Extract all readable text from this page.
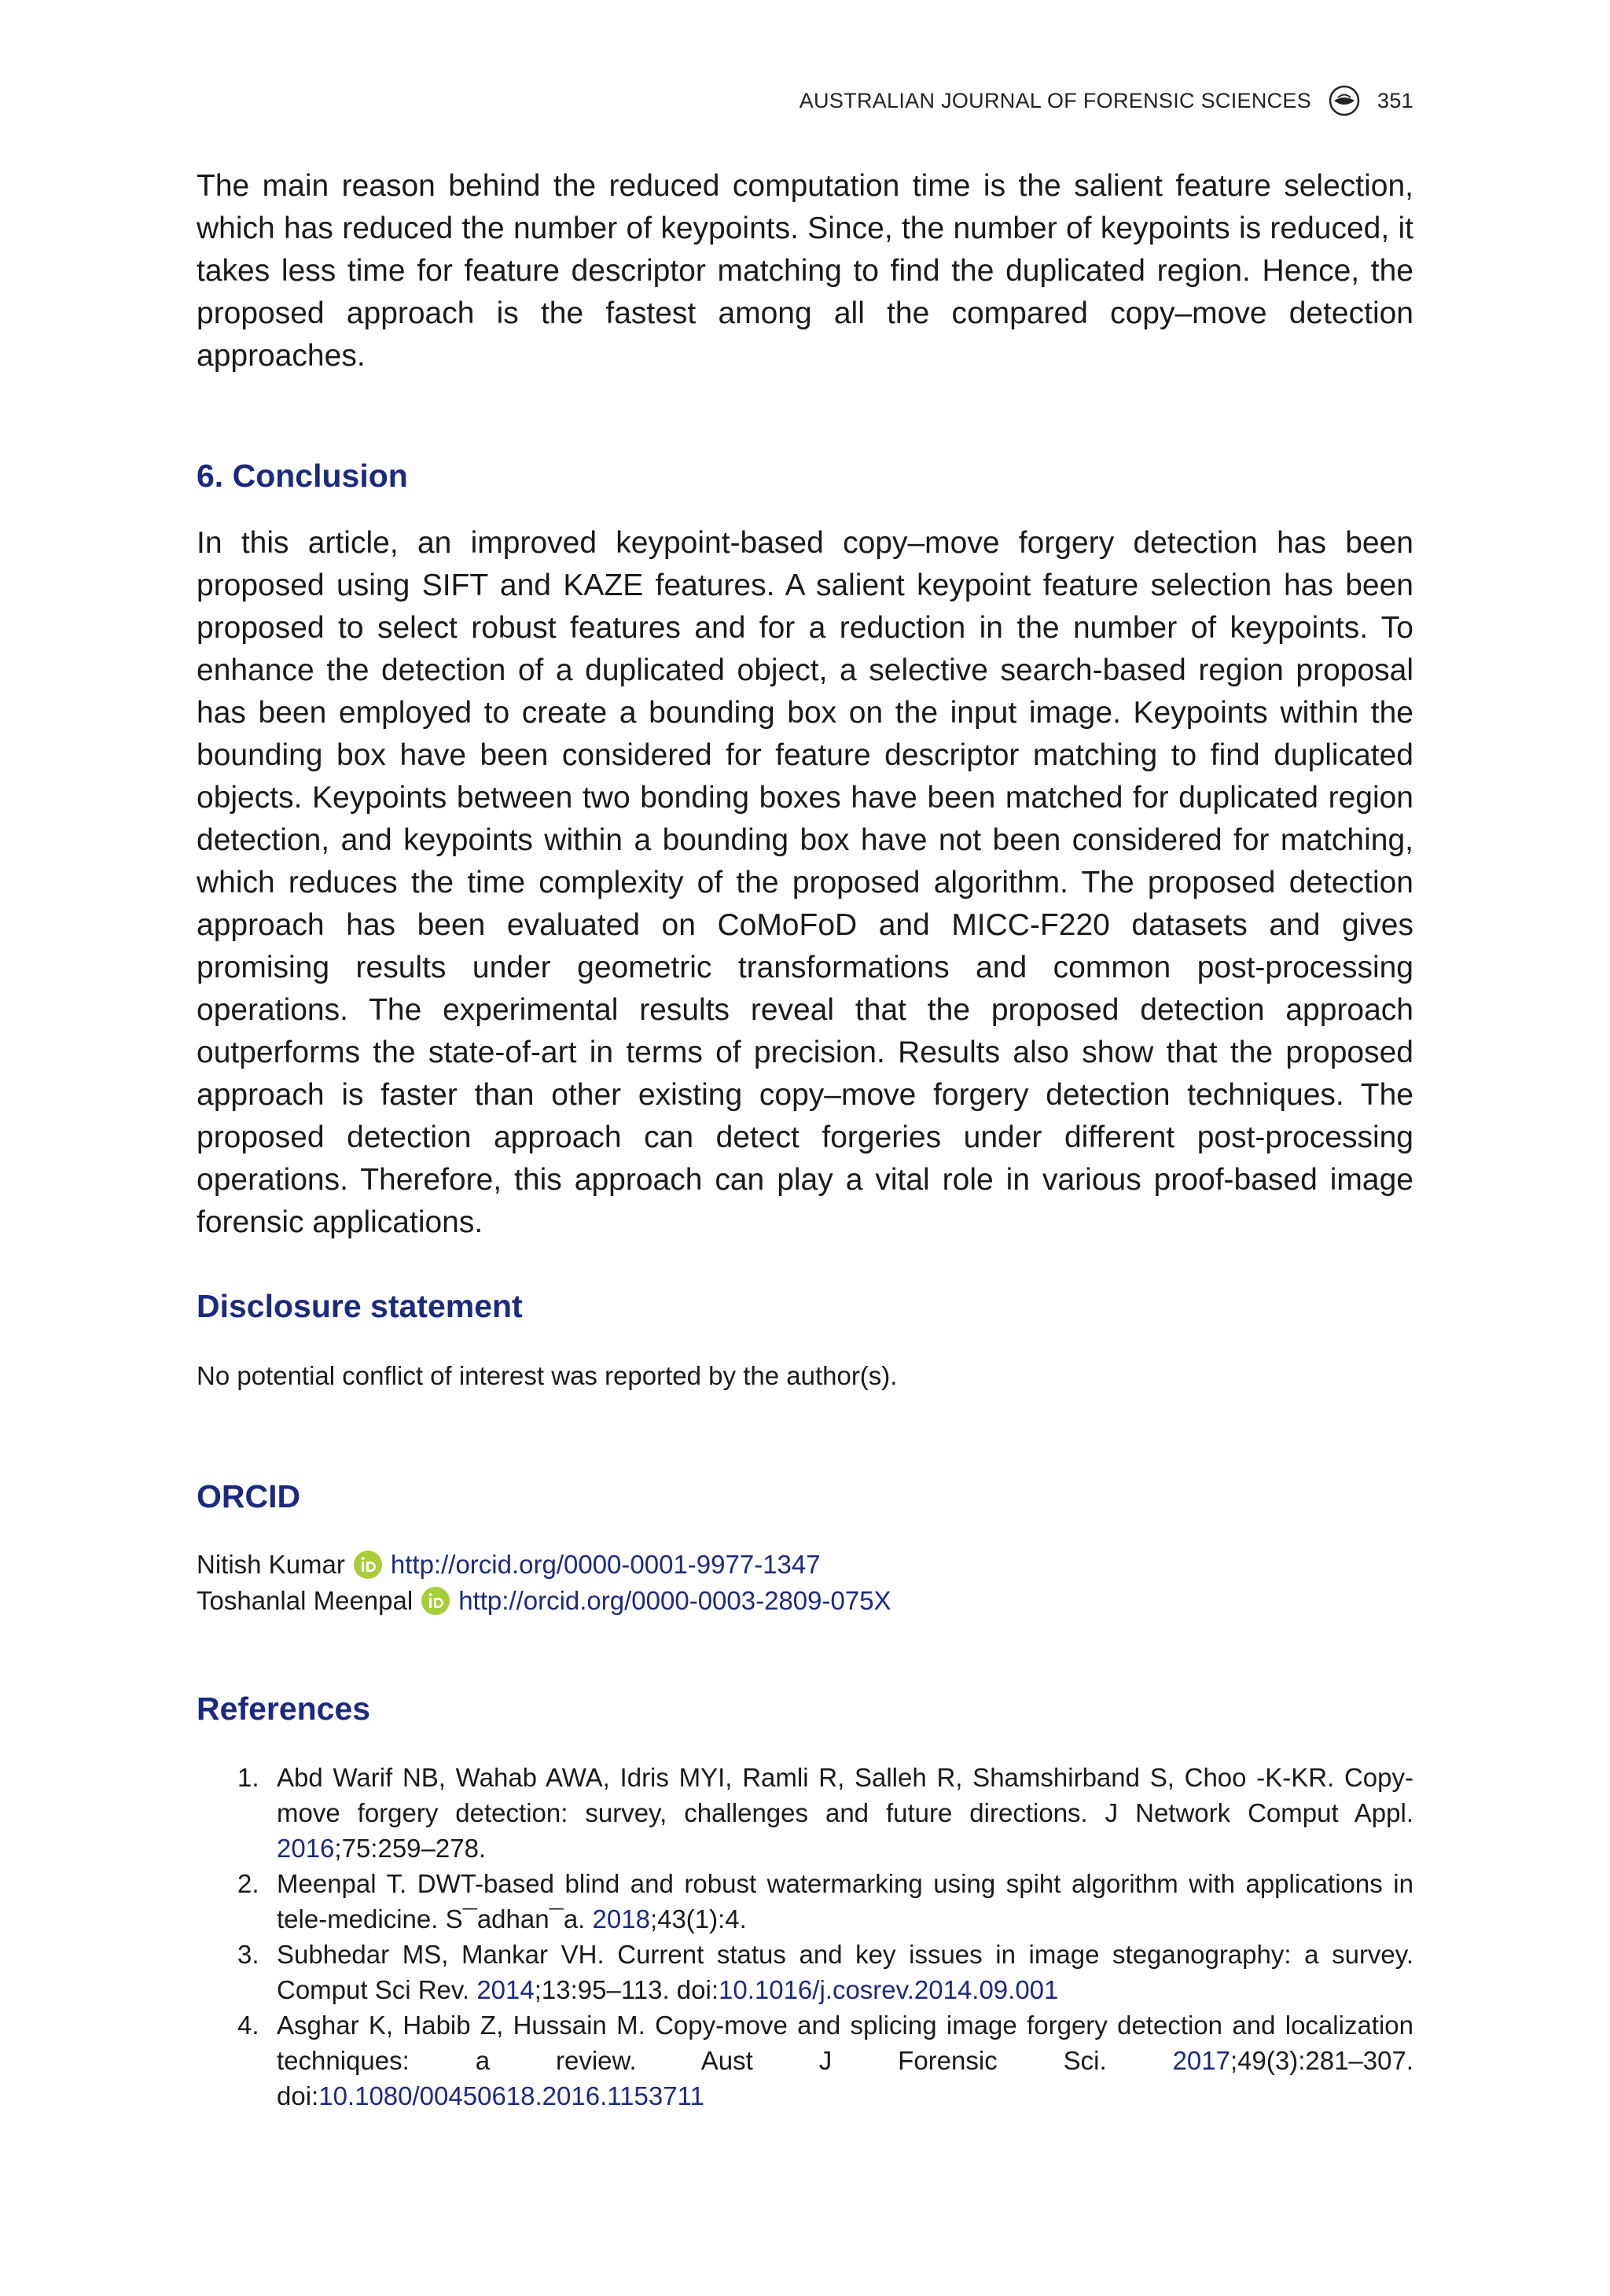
AUSTRALIAN JOURNAL OF FORENSIC SCIENCES	351

The main reason behind the reduced computation time is the salient feature selection, which has reduced the number of keypoints. Since, the number of keypoints is reduced, it takes less time for feature descriptor matching to find the duplicated region. Hence, the proposed approach is the fastest among all the compared copy–move detection approaches.

6. Conclusion

In this article, an improved keypoint-based copy–move forgery detection has been proposed using SIFT and KAZE features. A salient keypoint feature selection has been proposed to select robust features and for a reduction in the number of keypoints. To enhance the detection of a duplicated object, a selective search-based region proposal has been employed to create a bounding box on the input image. Keypoints within the bounding box have been considered for feature descriptor matching to find duplicated objects. Keypoints between two bonding boxes have been matched for duplicated region detection, and keypoints within a bounding box have not been considered for matching, which reduces the time complexity of the proposed algorithm. The proposed detection approach has been evaluated on CoMoFoD and MICC-F220 datasets and gives promising results under geometric transformations and common post-processing operations. The experimental results reveal that the proposed detection approach outperforms the state-of-art in terms of precision. Results also show that the proposed approach is faster than other existing copy–move forgery detection techniques. The proposed detection approach can detect forgeries under different post-processing operations. Therefore, this approach can play a vital role in various proof-based image forensic applications.

Disclosure statement

No potential conflict of interest was reported by the author(s).

ORCID
Nitish Kumar http://orcid.org/0000-0001-9977-1347
Toshanlal Meenpal http://orcid.org/0000-0003-2809-075X
References
1. Abd Warif NB, Wahab AWA, Idris MYI, Ramli R, Salleh R, Shamshirband S, Choo -K-KR. Copy-move forgery detection: survey, challenges and future directions. J Network Comput Appl. 2016;75:259–278.
2. Meenpal T. DWT-based blind and robust watermarking using spiht algorithm with applications in tele-medicine. S¯adhan¯a. 2018;43(1):4.
3. Subhedar MS, Mankar VH. Current status and key issues in image steganography: a survey. Comput Sci Rev. 2014;13:95–113. doi:10.1016/j.cosrev.2014.09.001
4. Asghar K, Habib Z, Hussain M. Copy-move and splicing image forgery detection and localization techniques: a review. Aust J Forensic Sci. 2017;49(3):281–307. doi:10.1080/00450618.2016.1153711
